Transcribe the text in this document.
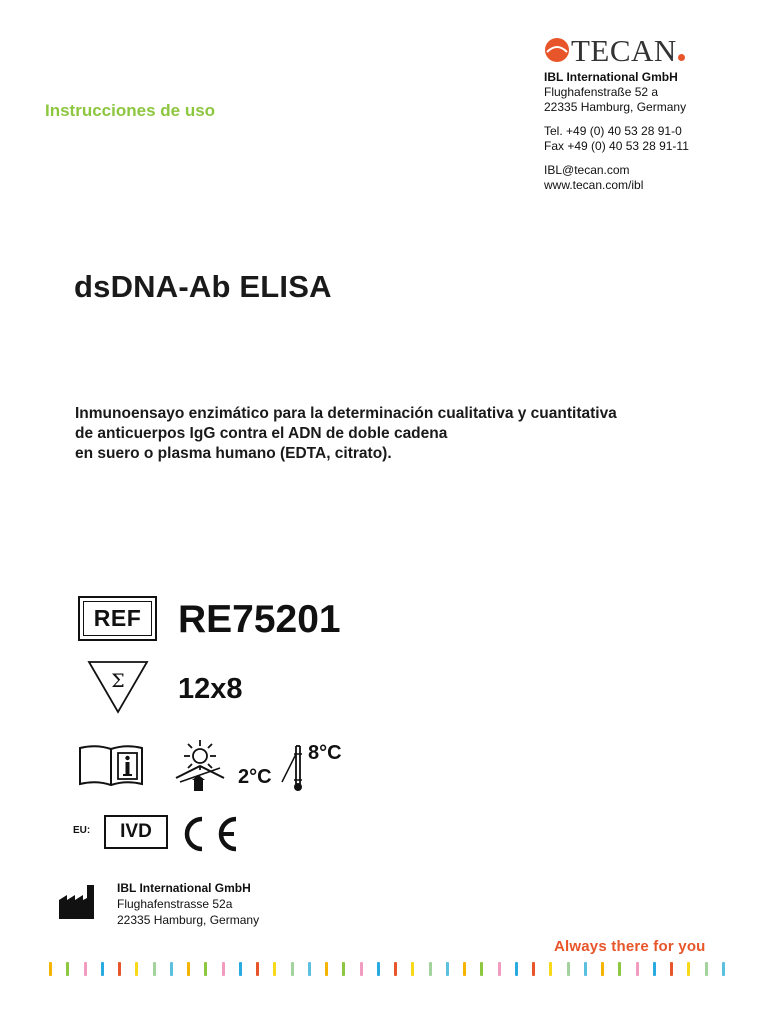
TECAN
IBL International GmbH
Flughafenstraße 52 a
22335 Hamburg, Germany
Tel. +49 (0) 40 53 28 91-0
Fax +49 (0) 40 53 28 91-11
IBL@tecan.com
www.tecan.com/ibl
Instrucciones de uso
dsDNA-Ab ELISA
Inmunoensayo enzimático para la determinación cualitativa y cuantitativa
de anticuerpos IgG contra el ADN de doble cadena
en suero o plasma humano (EDTA, citrato).
REF RE75201
Σ 12x8
2°C
8°C
EU: IVD
IBL International GmbH
Flughafenstrasse 52a
22335 Hamburg, Germany
Always there for you
